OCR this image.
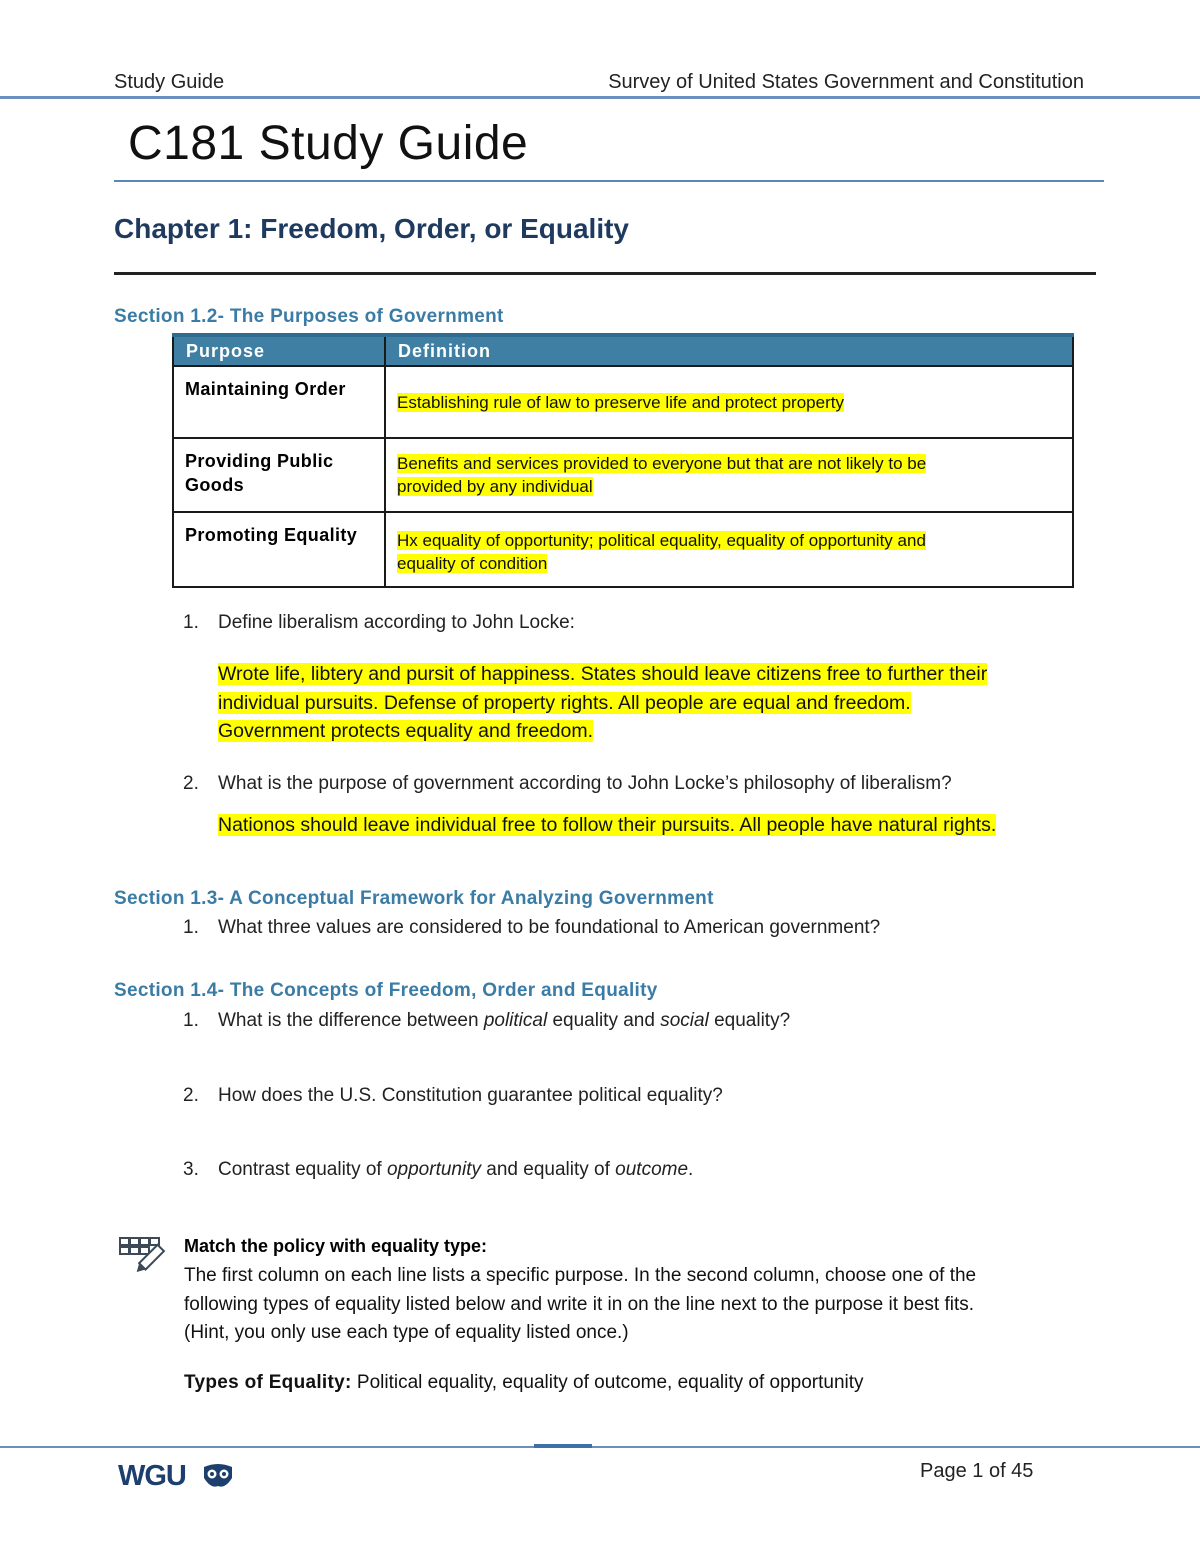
Study Guide	Survey of United States Government and Constitution
C181 Study Guide
Chapter 1: Freedom, Order, or Equality
Section 1.2- The Purposes of Government
Purpose	Definition
Maintaining Order	Establishing rule of law to preserve life and protect property
Providing Public Goods	Benefits and services provided to everyone but that are not likely to be
provided by any individual
Promoting Equality	Hx equality of opportunity; political equality, equality of opportunity and
equality of condition
1. Define liberalism according to John Locke:
Wrote life, libtery and pursit of happiness. States should leave citizens free to further their
individual pursuits. Defense of property rights. All people are equal and freedom.
Government protects equality and freedom.
2. What is the purpose of government according to John Locke’s philosophy of liberalism?
Nationos should leave individual free to follow their pursuits. All people have natural rights.
Section 1.3- A Conceptual Framework for Analyzing Government
1. What three values are considered to be foundational to American government?
Section 1.4- The Concepts of Freedom, Order and Equality
1. What is the difference between political equality and social equality?
2. How does the U.S. Constitution guarantee political equality?
3. Contrast equality of opportunity and equality of outcome.
Match the policy with equality type:
The first column on each line lists a specific purpose. In the second column, choose one of the
following types of equality listed below and write it in on the line next to the purpose it best fits.
(Hint, you only use each type of equality listed once.)
Types of Equality: Political equality, equality of outcome, equality of opportunity
WGU	Page 1 of 45
